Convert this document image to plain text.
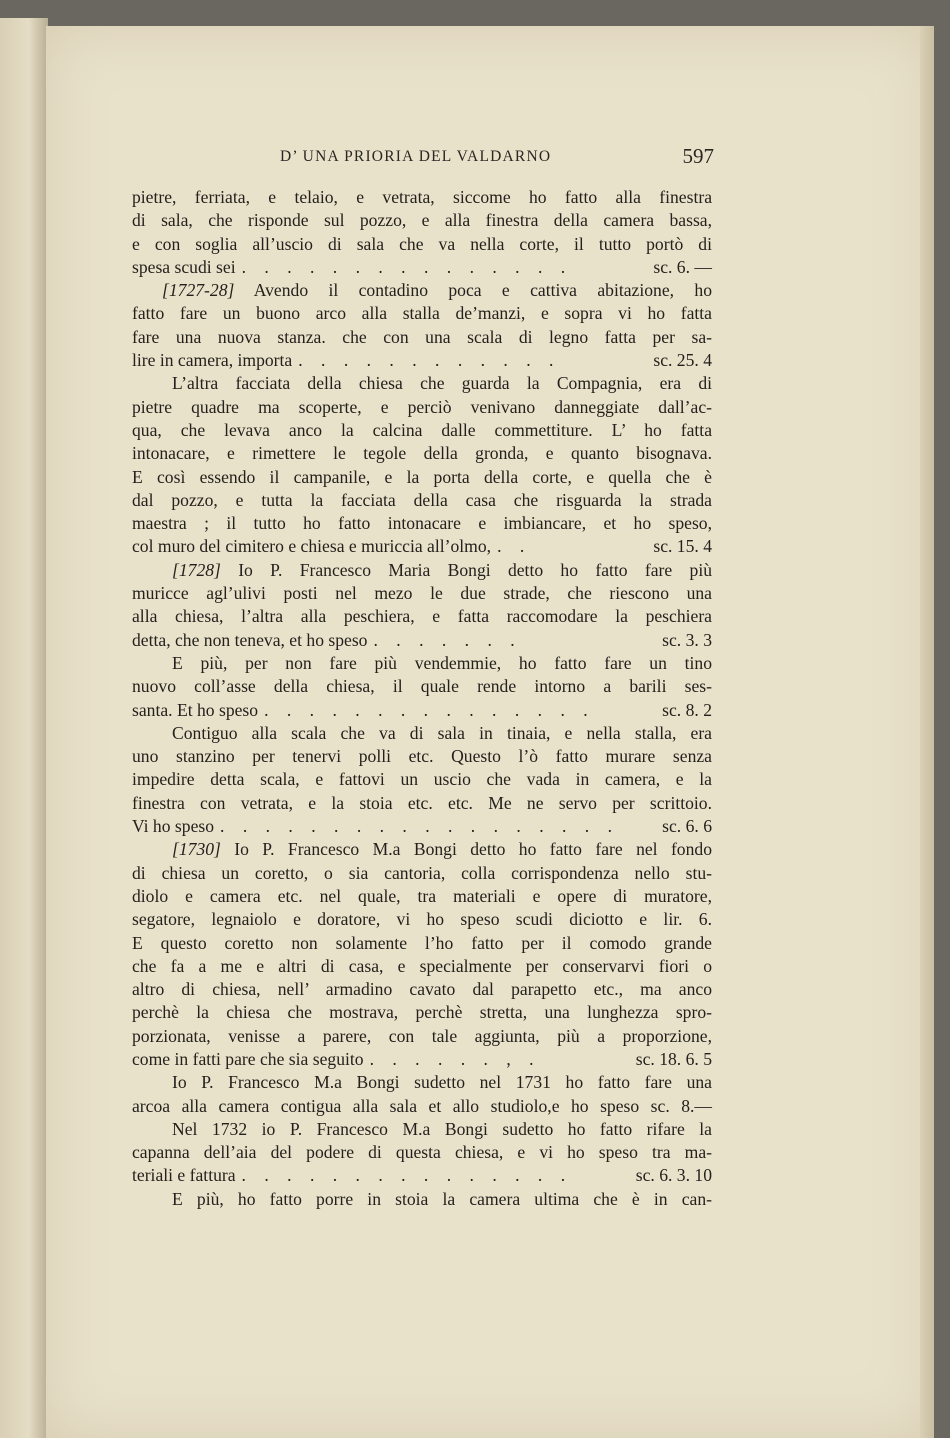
D’ UNA PRIORIA DEL VALDARNO	597
pietre, ferriata, e telaio, e vetrata, siccome ho fatto alla finestra
di sala, che risponde sul pozzo, e alla finestra della camera bassa,
e con soglia all’uscio di sala che va nella corte, il tutto portò di
spesa scudi sei . . . . . . . . . . . . . . .	sc. 6. —
[1727-28] Avendo il contadino poca e cattiva abitazione, ho
fatto fare un buono arco alla stalla de’manzi, e sopra vi ho fatta
fare una nuova stanza. che con una scala di legno fatta per sa-
lire in camera, importa . . . . . . . . . . . .	sc. 25. 4
L’altra facciata della chiesa che guarda la Compagnia, era di
pietre quadre ma scoperte, e perciò venivano danneggiate dall’ac-
qua, che levava anco la calcina dalle commettiture. L’ ho fatta
intonacare, e rimettere le tegole della gronda, e quanto bisognava.
E così essendo il campanile, e la porta della corte, e quella che è
dal pozzo, e tutta la facciata della casa che risguarda la strada
maestra ; il tutto ho fatto intonacare e imbiancare, et ho speso,
col muro del cimitero e chiesa e muriccia all’olmo, . .	sc. 15. 4
[1728] Io P. Francesco Maria Bongi detto ho fatto fare più
muricce agl’ulivi posti nel mezo le due strade, che riescono una
alla chiesa, l’altra alla peschiera, e fatta raccomodare la peschiera
detta, che non teneva, et ho speso . . . . . . .	sc. 3. 3
E più, per non fare più vendemmie, ho fatto fare un tino
nuovo coll’asse della chiesa, il quale rende intorno a barili ses-
santa. Et ho speso . . . . . . . . . . . . . . .	sc. 8. 2
Contiguo alla scala che va di sala in tinaia, e nella stalla, era
uno stanzino per tenervi polli etc. Questo l’ò fatto murare senza
impedire detta scala, e fattovi un uscio che vada in camera, e la
finestra con vetrata, e la stoia etc. etc. Me ne servo per scrittoio.
Vi ho speso . . . . . . . . . . . . . . . . . .	sc. 6. 6
[1730] Io P. Francesco M.a Bongi detto ho fatto fare nel fondo
di chiesa un coretto, o sia cantoria, colla corrispondenza nello stu-
diolo e camera etc. nel quale, tra materiali e opere di muratore,
segatore, legnaiolo e doratore, vi ho speso scudi diciotto e lir. 6.
E questo coretto non solamente l’ho fatto per il comodo grande
che fa a me e altri di casa, e specialmente per conservarvi fiori o
altro di chiesa, nell’ armadino cavato dal parapetto etc., ma anco
perchè la chiesa che mostrava, perchè stretta, una lunghezza spro-
porzionata, venisse a parere, con tale aggiunta, più a proporzione,
come in fatti pare che sia seguito . . . . . . , .	sc. 18. 6. 5
Io P. Francesco M.a Bongi sudetto nel 1731 ho fatto fare una
arcoa alla camera contigua alla sala et allo studiolo,e ho speso sc. 8.—
Nel 1732 io P. Francesco M.a Bongi sudetto ho fatto rifare la
capanna dell’aia del podere di questa chiesa, e vi ho speso tra ma-
teriali e fattura . . . . . . . . . . . . . . .	sc. 6. 3. 10
E più, ho fatto porre in stoia la camera ultima che è in can-
